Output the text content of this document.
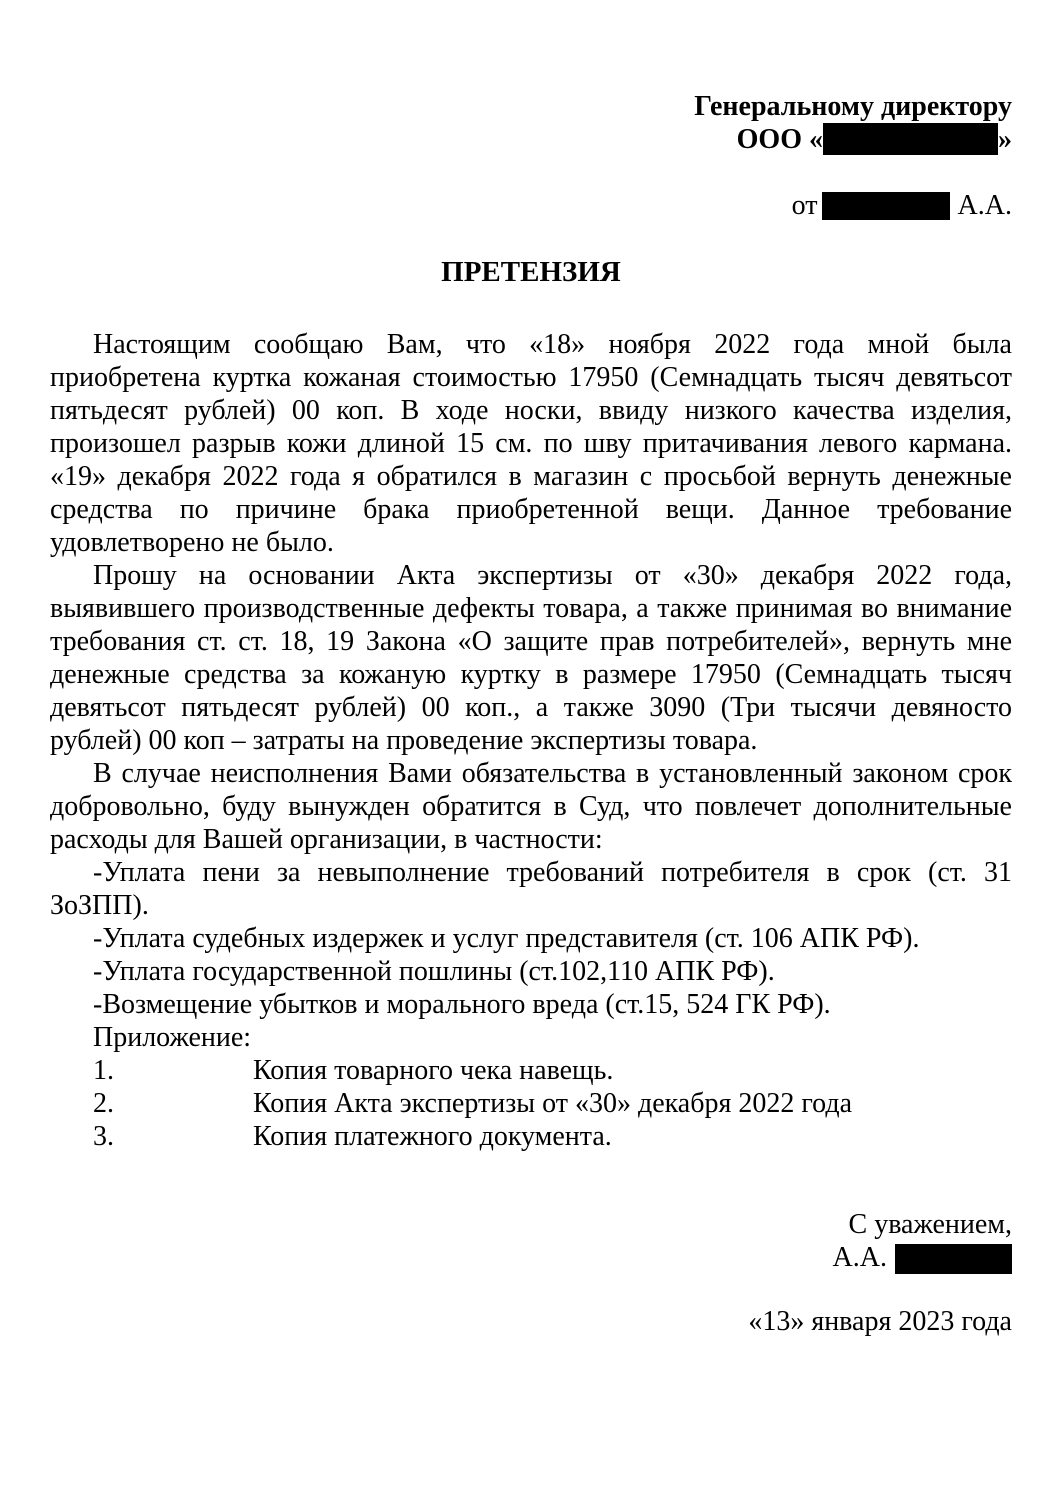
Генеральному директору
ООО «	»
от	А.А.
ПРЕТЕНЗИЯ

Настоящим сообщаю Вам, что «18» ноября 2022 года мной была приобретена куртка кожаная стоимостью 17950 (Семнадцать тысяч девятьсот пятьдесят рублей) 00 коп. В ходе носки, ввиду низкого качества изделия, произошел разрыв кожи длиной 15 см. по шву притачивания левого кармана. «19» декабря 2022 года я обратился в магазин с просьбой вернуть денежные средства по причине брака приобретенной вещи. Данное требование удовлетворено не было.

Прошу на основании Акта экспертизы от «30» декабря 2022 года, выявившего производственные дефекты товара, а также принимая во внимание требования ст. ст. 18, 19 Закона «О защите прав потребителей», вернуть мне денежные средства за кожаную куртку в размере 17950 (Семнадцать тысяч девятьсот пятьдесят рублей) 00 коп., а также 3090 (Три тысячи девяносто рублей) 00 коп – затраты на проведение экспертизы товара.

В случае неисполнения Вами обязательства в установленный законом срок добровольно, буду вынужден обратится в Суд, что повлечет дополнительные расходы для Вашей организации, в частности:

-Уплата пени за невыполнение требований потребителя в срок (ст. 31 ЗоЗПП).

-Уплата судебных издержек и услуг представителя (ст. 106 АПК РФ).

-Уплата государственной пошлины (ст.102,110 АПК РФ).

-Возмещение убытков и морального вреда (ст.15, 524 ГК РФ).

Приложение:

1.	Копия товарного чека навещь.
2.	Копия Акта экспертизы от «30» декабря 2022 года
3.	Копия платежного документа.
С уважением,
А.А.
«13» января 2023 года
